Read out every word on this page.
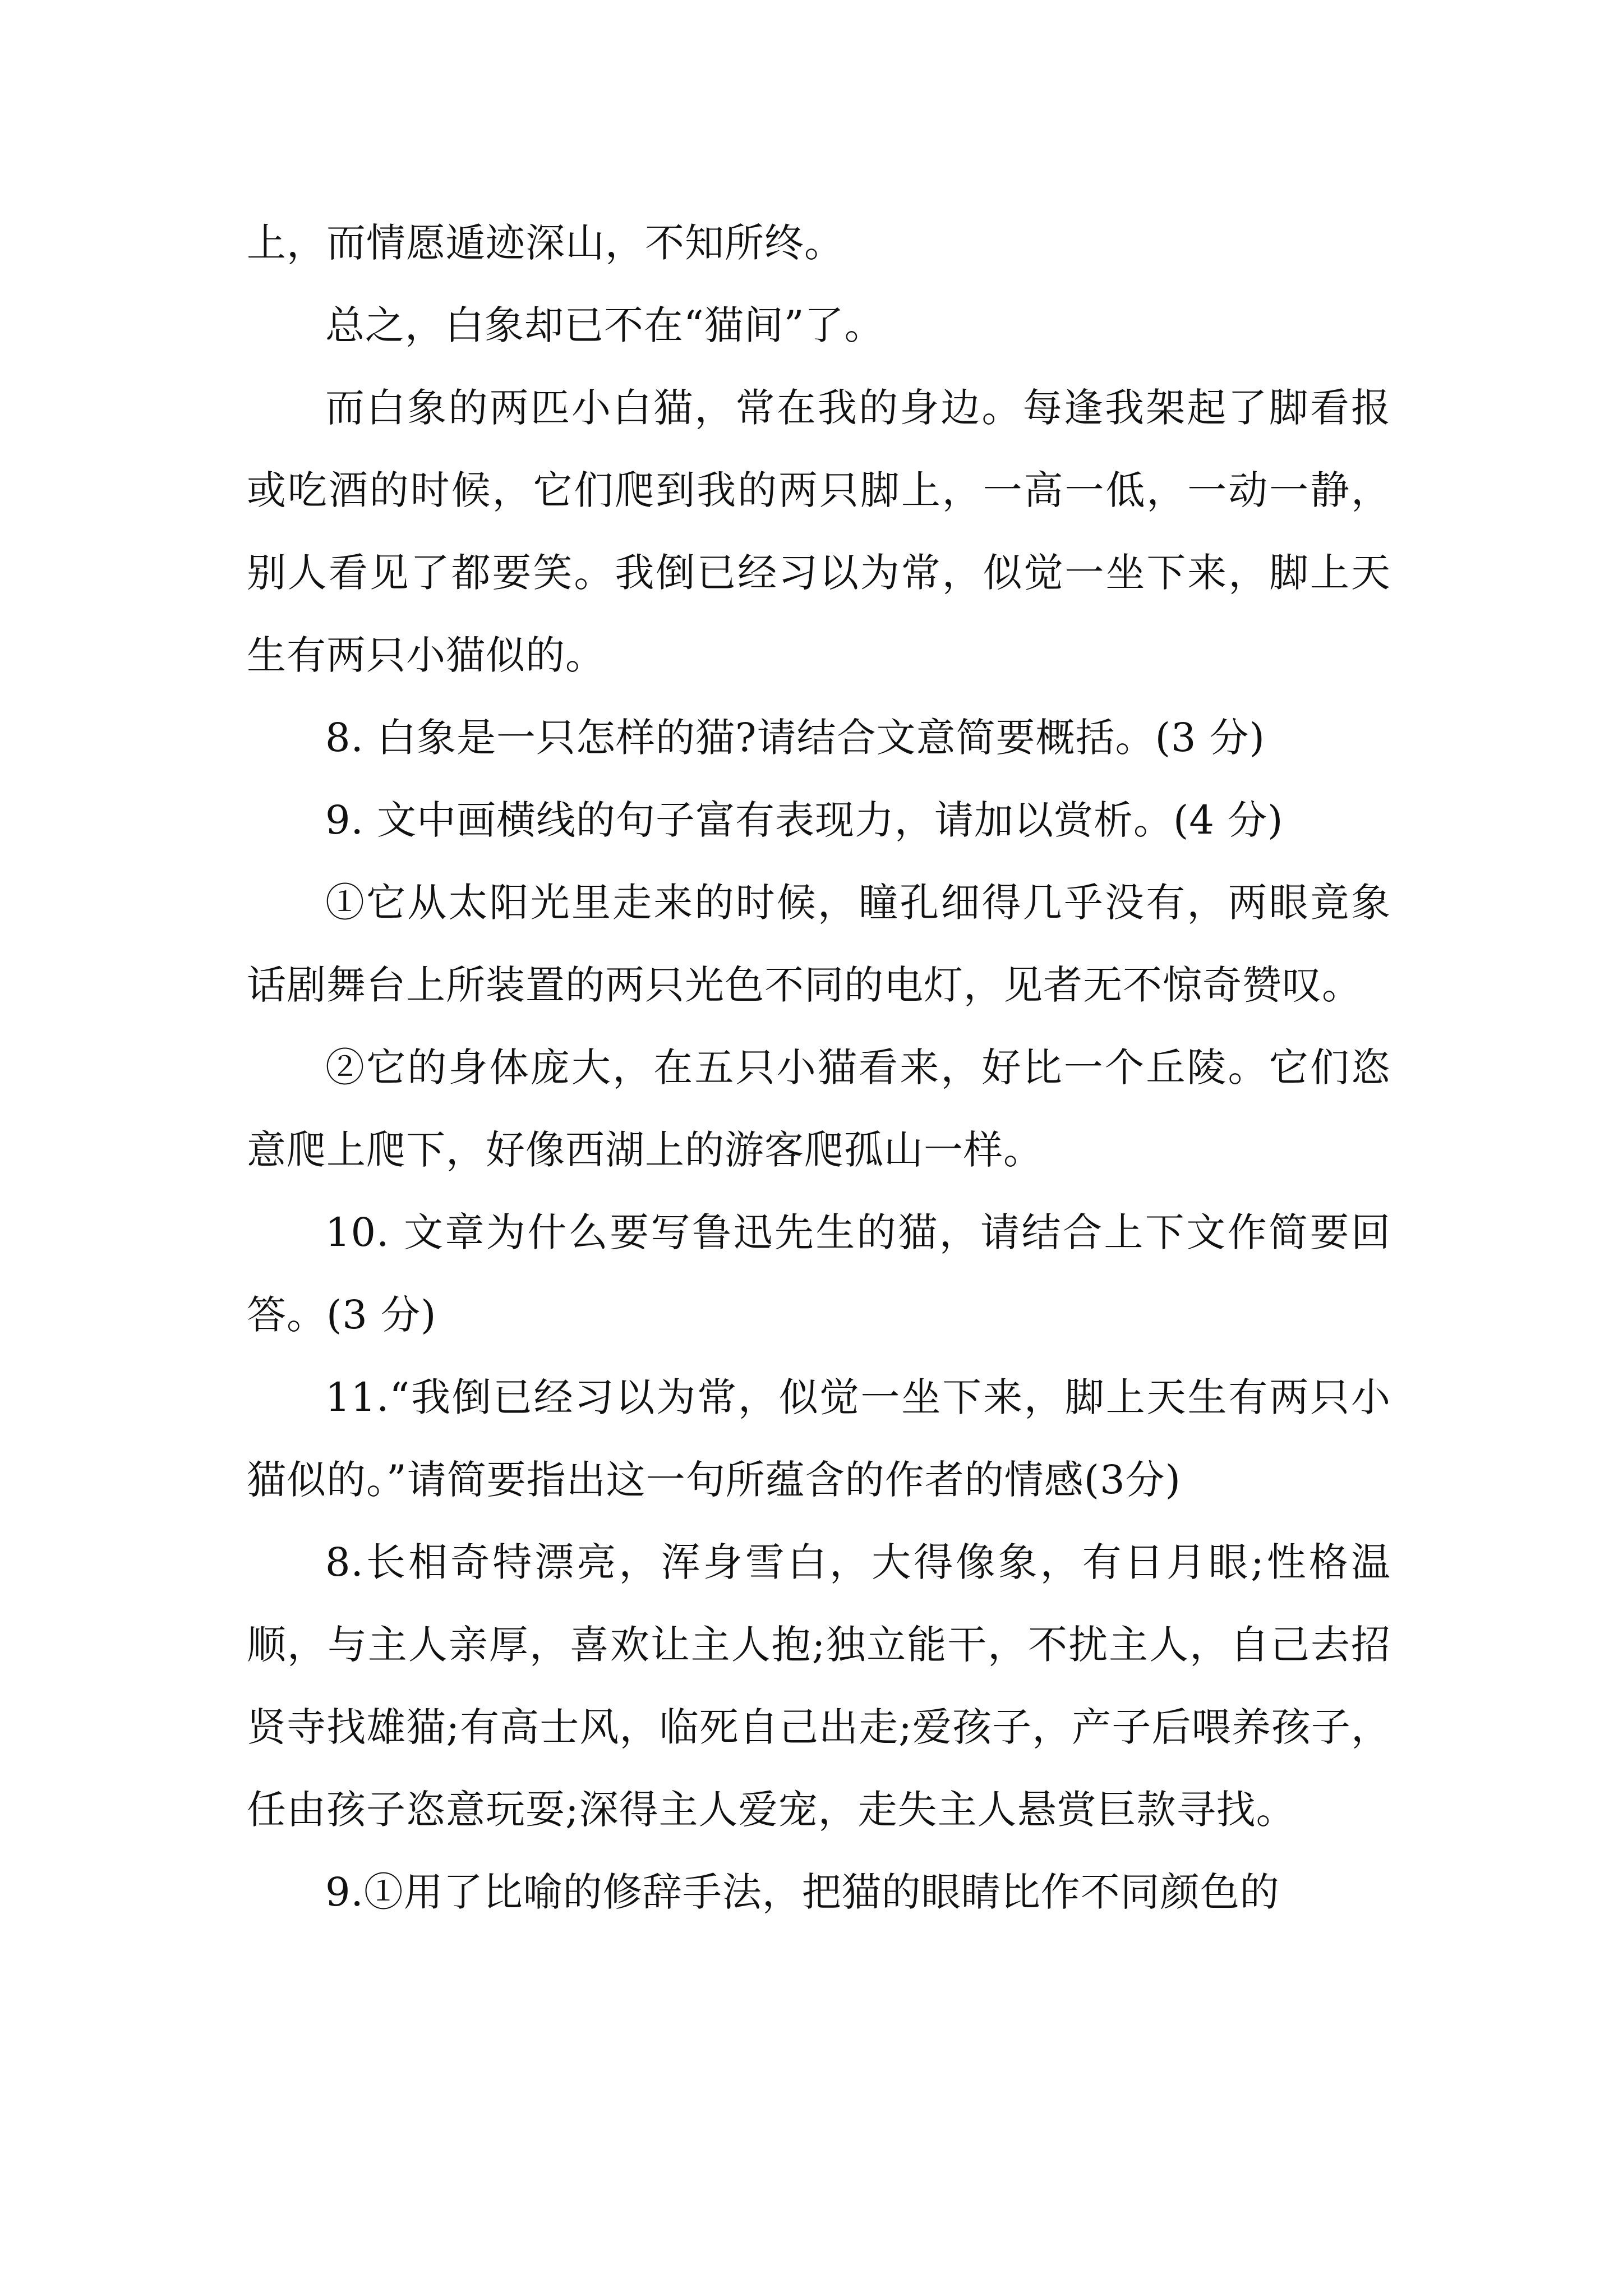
上，而情愿遁迹深山，不知所终。

总之，白象却已不在“猫间”了。

而白象的两匹小白猫，常在我的身边。每逢我架起了脚看报或吃酒的时候，它们爬到我的两只脚上，一高一低，一动一静，别人看见了都要笑。我倒已经习以为常，似觉一坐下来，脚上天生有两只小猫似的。

8. 白象是一只怎样的猫?请结合文意简要概括。(3 分)

9. 文中画横线的句子富有表现力，请加以赏析。(4 分)

①它从太阳光里走来的时候，瞳孔细得几乎没有，两眼竟象话剧舞台上所装置的两只光色不同的电灯，见者无不惊奇赞叹。

②它的身体庞大，在五只小猫看来，好比一个丘陵。它们恣意爬上爬下，好像西湖上的游客爬孤山一样。

10. 文章为什么要写鲁迅先生的猫，请结合上下文作简要回答。(3 分)

11.“我倒已经习以为常，似觉一坐下来，脚上天生有两只小猫似的。”请简要指出这一句所蕴含的作者的情感(3分)

8.长相奇特漂亮，浑身雪白，大得像象，有日月眼;性格温顺，与主人亲厚，喜欢让主人抱;独立能干，不扰主人，自己去招贤寺找雄猫;有高士风，临死自己出走;爱孩子，产子后喂养孩子，任由孩子恣意玩耍;深得主人爱宠，走失主人悬赏巨款寻找。

9.①用了比喻的修辞手法，把猫的眼睛比作不同颜色的
